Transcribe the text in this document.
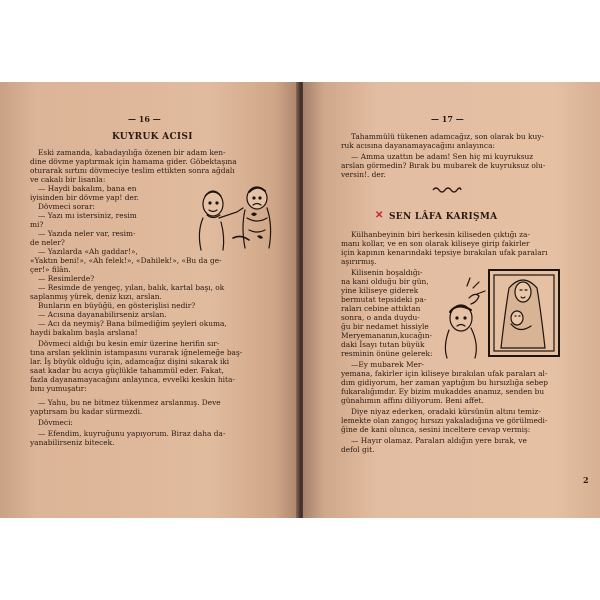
— 16 —
KUYRUK ACISI
Eski zamanda, kabadayılığa özenen bir adam ken-
dine dövme yaptırmak için hamama gider. Göbektaşına
oturarak sırtını dövmeciye teslim ettikten sonra ağdalı
ve cakalı bir lisanla:
— Haydi bakalım, bana en
iyisinden bir dövme yap! der.
Dövmeci sorar:
— Yazı mı istersiniz, resim
mi?
— Yazıda neler var, resim-
de neler?
— Yazılarda «Ah gaddar!»,
«Yaktın beni!», «Ah felek!», «Dahilek!», «Bu da ge-
çer!» filân.
— Resimlerde?
— Resimde de yengeç, yılan, balık, kartal başı, ok
saplanmış yürek, deniz kızı, arslan.
Bunların en büyüğü, en gösterişlisi nedir?
— Acısına dayanabilirseniz arslan.
— Acı da neymiş? Bana bilmediğim şeyleri okuma,
haydi bakalım başla arslana!
Dövmeci aldığı bu kesin emir üzerine herifin sır-
tına arslan şeklinin istampasını vurarak iğnelemeğe baş-
lar. İş büyük olduğu için, adamcağız dişini sıkarak iki
saat kadar bu acıya güçlükle tahammül eder. Fakat,
fazla dayanamayacağını anlayınca, evvelki keskin hita-
bını yumuşatır:
— Yahu, bu ne bitmez tükenmez arslanmış. Deve
yaptırsam bu kadar sürmezdi.
Dövmeci:
— Efendim, kuyruğunu yapıyorum. Biraz daha da-
yanabilirseniz bitecek.
— 17 —
Tahammülü tükenen adamcağız, son olarak bu kuy-
ruk acısına dayanamayacağını anlayınca:
— Amma uzattın be adam! Sen hiç mi kuyruksuz
arslan görmedin? Bırak bu mubarek de kuyruksuz olu-
versin!. der.
✕ SEN LÂFA KARIŞMA
Külhanbeyinin biri herkesin kiliseden çıktığı za-
manı kollar, ve en son olarak kiliseye girip fakirler
için kapının kenarındaki tepsiye bırakılan ufak paraları
aşırırmış.
Kilisenin boşaldığı-
na kani olduğu bir gün,
yine kiliseye giderek
bermutat tepsideki pa-
raları cebine attıktan
sonra, o anda duydu-
ğu bir nedamet hissiyle
Meryemananın,kucağın-
daki İsayı tutan büyük
resminin önüne gelerek:
—Ey mubarek Mer-
yemana, fakirler için kiliseye bırakılan ufak paraları al-
dım gidiyorum, her zaman yaptığım bu hırsızlığa sebep
fukaralığımdır. Ey bizim mukaddes anamız, senden bu
günahımın affını diliyorum. Beni affet.
Diye niyaz ederken, oradaki kürsünün altını temiz-
lemekte olan zangoç hırsızı yakaladığına ve görülmedi-
ğine de kani olunca, sesini inceltere cevap vermiş:
— Hayır olamaz. Paraları aldığın yere bırak, ve
defol git.
2
